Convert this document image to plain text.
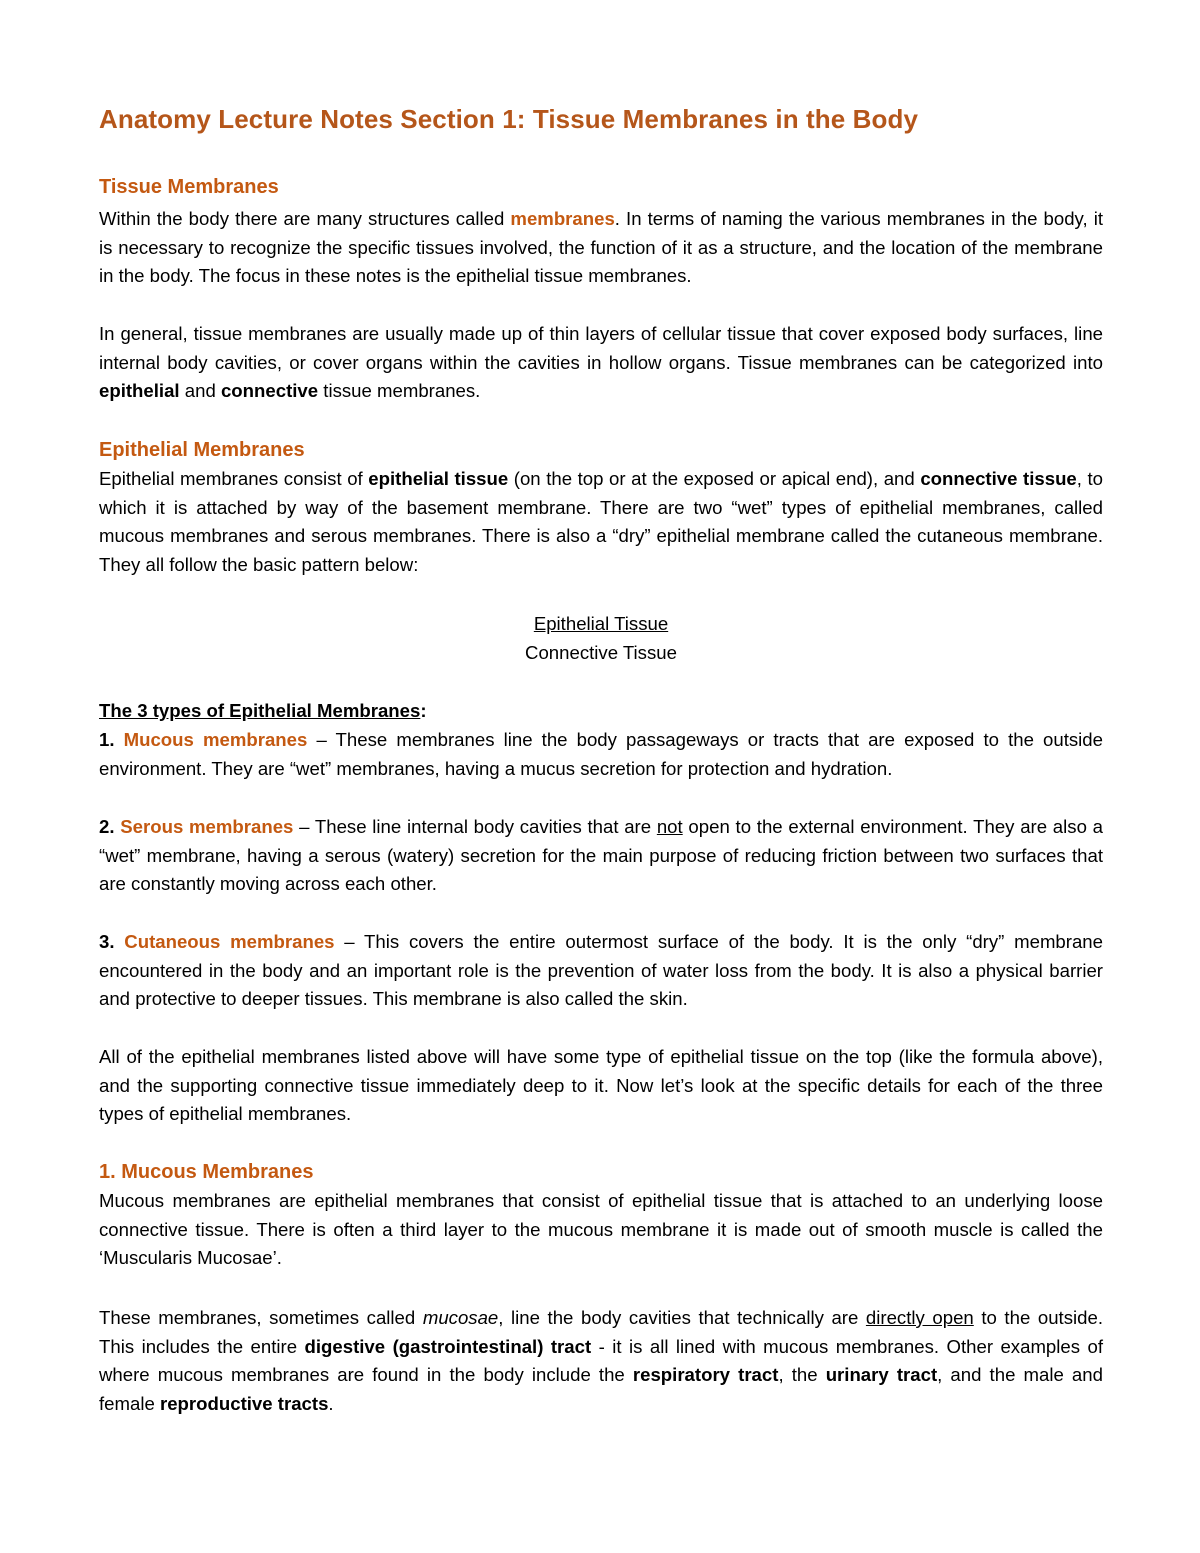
Anatomy Lecture Notes Section 1: Tissue Membranes in the Body
Tissue Membranes
Within the body there are many structures called membranes. In terms of naming the various membranes in the body, it is necessary to recognize the specific tissues involved, the function of it as a structure, and the location of the membrane in the body. The focus in these notes is the epithelial tissue membranes.
In general, tissue membranes are usually made up of thin layers of cellular tissue that cover exposed body surfaces, line internal body cavities, or cover organs within the cavities in hollow organs. Tissue membranes can be categorized into epithelial and connective tissue membranes.
Epithelial Membranes
Epithelial membranes consist of epithelial tissue (on the top or at the exposed or apical end), and connective tissue, to which it is attached by way of the basement membrane. There are two “wet” types of epithelial membranes, called mucous membranes and serous membranes. There is also a “dry” epithelial membrane called the cutaneous membrane. They all follow the basic pattern below:
Epithelial Tissue
Connective Tissue
The 3 types of Epithelial Membranes:
1. Mucous membranes – These membranes line the body passageways or tracts that are exposed to the outside environment. They are “wet” membranes, having a mucus secretion for protection and hydration.
2. Serous membranes – These line internal body cavities that are not open to the external environment. They are also a “wet” membrane, having a serous (watery) secretion for the main purpose of reducing friction between two surfaces that are constantly moving across each other.
3. Cutaneous membranes – This covers the entire outermost surface of the body. It is the only “dry” membrane encountered in the body and an important role is the prevention of water loss from the body. It is also a physical barrier and protective to deeper tissues. This membrane is also called the skin.
All of the epithelial membranes listed above will have some type of epithelial tissue on the top (like the formula above), and the supporting connective tissue immediately deep to it. Now let’s look at the specific details for each of the three types of epithelial membranes.
1. Mucous Membranes
Mucous membranes are epithelial membranes that consist of epithelial tissue that is attached to an underlying loose connective tissue. There is often a third layer to the mucous membrane it is made out of smooth muscle is called the ‘Muscularis Mucosae’.
These membranes, sometimes called mucosae, line the body cavities that technically are directly open to the outside. This includes the entire digestive (gastrointestinal) tract - it is all lined with mucous membranes. Other examples of where mucous membranes are found in the body include the respiratory tract, the urinary tract, and the male and female reproductive tracts.
